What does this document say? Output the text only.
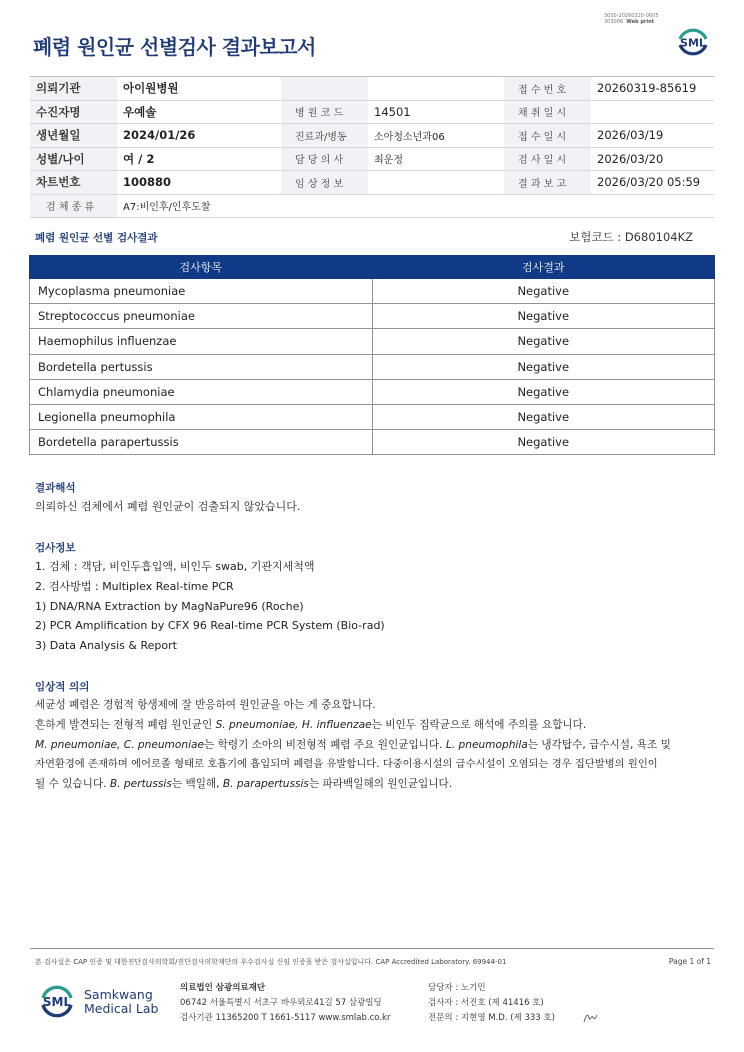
3030-20260320-0605
303006 Web print
폐렴 원인균 선별검사 결과보고서	SML
의뢰기관	아이원병원			접 수 번 호	20260319-85619
수진자명	우예솔	병 원 코 드	14501	채 취 일 시	
생년월일	2024/01/26	진료과/병동	소아청소년과06	접 수 일 시	2026/03/19
성별/나이	여 / 2	담 당 의 사	최운정	검 사 일 시	2026/03/20
차트번호	100880	임 상 정 보		결 과 보 고	2026/03/20 05:59
검 체 종 류	A7:비인후/인후도찰				
폐렴 원인균 선별 검사결과	보험코드 : D680104KZ
검사항목	검사결과
Mycoplasma pneumoniae	Negative
Streptococcus pneumoniae	Negative
Haemophilus influenzae	Negative
Bordetella pertussis	Negative
Chlamydia pneumoniae	Negative
Legionella pneumophila	Negative
Bordetella parapertussis	Negative
결과해석

의뢰하신 검체에서 폐렴 원인균이 검출되지 않았습니다.

검사정보

1. 검체 : 객담, 비인두흡입액, 비인두 swab, 기관지세척액

2. 검사방법 : Multiplex Real-time PCR

1) DNA/RNA Extraction by MagNaPure96 (Roche)

2) PCR Amplification by CFX 96 Real-time PCR System (Bio-rad)

3) Data Analysis & Report

임상적 의의

세균성 폐렴은 경험적 항생제에 잘 반응하여 원인균을 아는 게 중요합니다.

흔하게 발견되는 전형적 폐렴 원인균인 S. pneumoniae, H. influenzae는 비인두 집락균으로 해석에 주의를 요합니다.

M. pneumoniae, C. pneumoniae는 학령기 소아의 비전형적 폐렴 주요 원인균입니다. L. pneumophila는 냉각탑수, 급수시설, 욕조 및

자연환경에 존재하며 에어로졸 형태로 호흡기에 흡입되며 폐렴을 유발합니다. 다중이용시설의 급수시설이 오염되는 경우 집단발병의 원인이

될 수 있습니다. B. pertussis는 백일해, B. parapertussis는 파라백일해의 원인균입니다.

본 검사실은 CAP 인증 및 대한진단검사의학회/진단검사의학재단의 우수검사실 신임 인증을 받은 검사실입니다. CAP Accredited Laboratory. 69944-01	Page 1 of 1
SML Samkwang
Medical Lab
의료법인 삼광의료재단
06742 서울특별시 서초구 바우뫼로41길 57 삼광빌딩
검사기관 11365200 T 1661-5117 www.smlab.co.kr
담당자 : 노기민
검사자 : 서진호 (제 41416 호)
전문의 : 지현영 M.D. (제 333 호)
